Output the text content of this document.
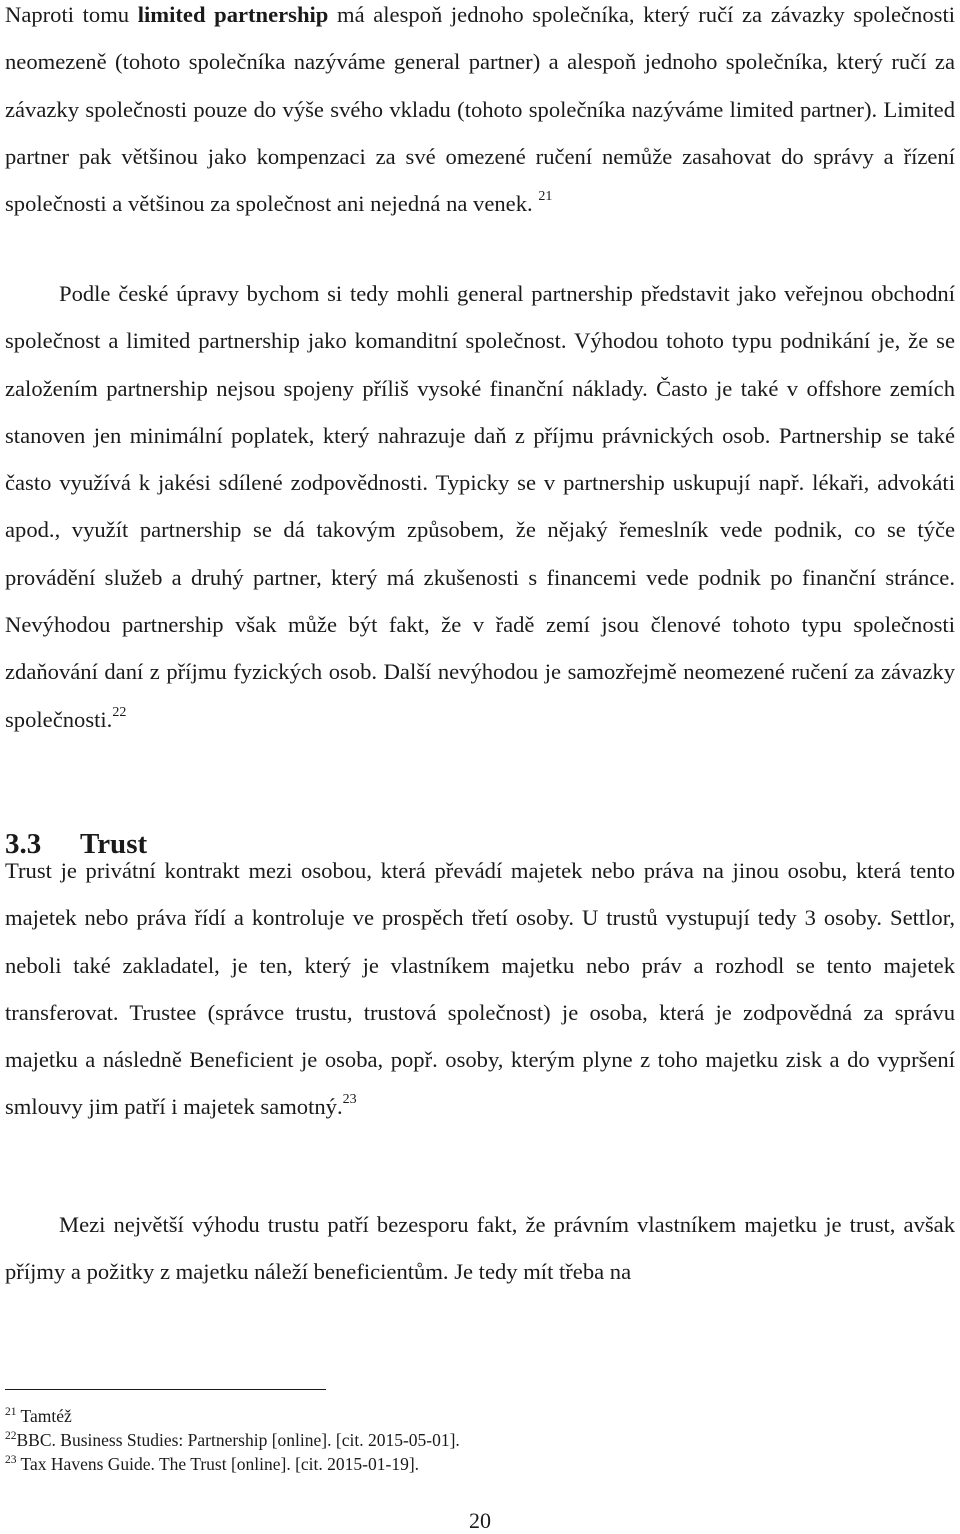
Naproti tomu limited partnership má alespoň jednoho společníka, který ručí za závazky společnosti neomezeně (tohoto společníka nazýváme general partner) a alespoň jednoho společníka, který ručí za závazky společnosti pouze do výše svého vkladu (tohoto společníka nazýváme limited partner). Limited partner pak většinou jako kompenzaci za své omezené ručení nemůže zasahovat do správy a řízení společnosti a většinou za společnost ani nejedná na venek. $^{21}$

Podle české úpravy bychom si tedy mohli general partnership představit jako veřejnou obchodní společnost a limited partnership jako komanditní společnost. Výhodou tohoto typu podnikání je, že se založením partnership nejsou spojeny příliš vysoké finanční náklady. Často je také v offshore zemích stanoven jen minimální poplatek, který nahrazuje daň z příjmu právnických osob. Partnership se také často využívá k jakési sdílené zodpovědnosti. Typicky se v partnership uskupují např. lékaři, advokáti apod., využít partnership se dá takovým způsobem, že nějaký řemeslník vede podnik, co se týče provádění služeb a druhý partner, který má zkušenosti s financemi vede podnik po finanční stránce. Nevýhodou partnership však může být fakt, že v řadě zemí jsou členové tohoto typu společnosti zdaňování daní z příjmu fyzických osob. Další nevýhodou je samozřejmě neomezené ručení za závazky společnosti.$^{22}$

3.3 Trust

Trust je privátní kontrakt mezi osobou, která převádí majetek nebo práva na jinou osobu, která tento majetek nebo práva řídí a kontroluje ve prospěch třetí osoby. U trustů vystupují tedy 3 osoby. Settlor, neboli také zakladatel, je ten, který je vlastníkem majetku nebo práv a rozhodl se tento majetek transferovat. Trustee (správce trustu, trustová společnost) je osoba, která je zodpovědná za správu majetku a následně Beneficient je osoba, popř. osoby, kterým plyne z toho majetku zisk a do vypršení smlouvy jim patří i majetek samotný.$^{23}$

Mezi největší výhodu trustu patří bezesporu fakt, že právním vlastníkem majetku je trust, avšak příjmy a požitky z majetku náleží beneficientům. Je tedy mít třeba na

$^{21}$ Tamtéž
$^{22}$BBC. Business Studies: Partnership [online]. [cit. 2015-05-01].
$^{23}$ Tax Havens Guide. The Trust [online]. [cit. 2015-01-19].
20
